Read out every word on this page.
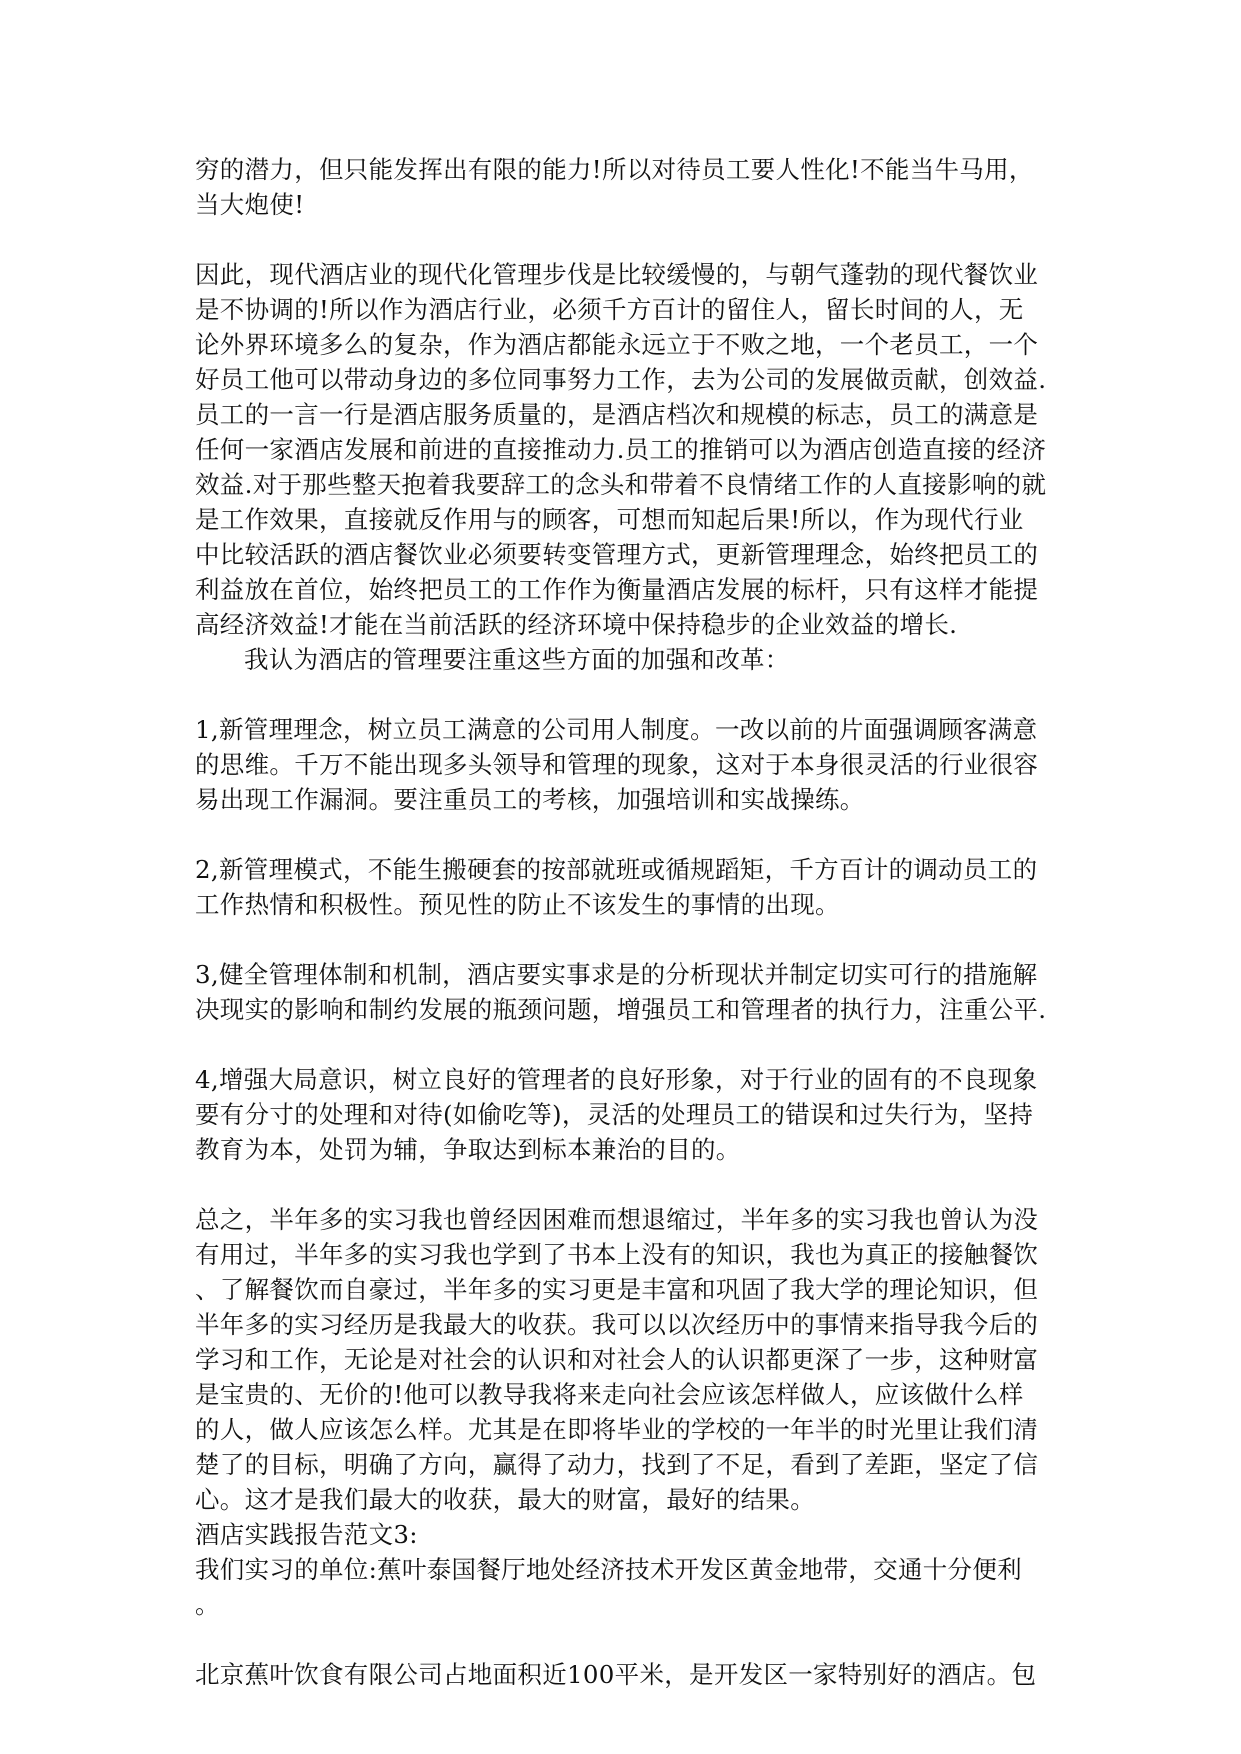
穷的潜力，但只能发挥出有限的能力!所以对待员工要人性化!不能当牛马用，
当大炮使!

因此，现代酒店业的现代化管理步伐是比较缓慢的，与朝气蓬勃的现代餐饮业
是不协调的!所以作为酒店行业，必须千方百计的留住人，留长时间的人，无
论外界环境多么的复杂，作为酒店都能永远立于不败之地，一个老员工，一个
好员工他可以带动身边的多位同事努力工作，去为公司的发展做贡献，创效益.
员工的一言一行是酒店服务质量的，是酒店档次和规模的标志，员工的满意是
任何一家酒店发展和前进的直接推动力.员工的推销可以为酒店创造直接的经济
效益.对于那些整天抱着我要辞工的念头和带着不良情绪工作的人直接影响的就
是工作效果，直接就反作用与的顾客，可想而知起后果!所以，作为现代行业
中比较活跃的酒店餐饮业必须要转变管理方式，更新管理理念，始终把员工的
利益放在首位，始终把员工的工作作为衡量酒店发展的标杆，只有这样才能提
高经济效益!才能在当前活跃的经济环境中保持稳步的企业效益的增长.

我认为酒店的管理要注重这些方面的加强和改革：

1,新管理理念，树立员工满意的公司用人制度。一改以前的片面强调顾客满意
的思维。千万不能出现多头领导和管理的现象，这对于本身很灵活的行业很容
易出现工作漏洞。要注重员工的考核，加强培训和实战操练。

2,新管理模式，不能生搬硬套的按部就班或循规蹈矩，千方百计的调动员工的
工作热情和积极性。预见性的防止不该发生的事情的出现。

3,健全管理体制和机制，酒店要实事求是的分析现状并制定切实可行的措施解
决现实的影响和制约发展的瓶颈问题，增强员工和管理者的执行力，注重公平.

4,增强大局意识，树立良好的管理者的良好形象，对于行业的固有的不良现象
要有分寸的处理和对待(如偷吃等)，灵活的处理员工的错误和过失行为，坚持
教育为本，处罚为辅，争取达到标本兼治的目的。

总之，半年多的实习我也曾经因困难而想退缩过，半年多的实习我也曾认为没
有用过，半年多的实习我也学到了书本上没有的知识，我也为真正的接触餐饮
、了解餐饮而自豪过，半年多的实习更是丰富和巩固了我大学的理论知识，但
半年多的实习经历是我最大的收获。我可以以次经历中的事情来指导我今后的
学习和工作，无论是对社会的认识和对社会人的认识都更深了一步，这种财富
是宝贵的、无价的!他可以教导我将来走向社会应该怎样做人，应该做什么样
的人，做人应该怎么样。尤其是在即将毕业的学校的一年半的时光里让我们清
楚了的目标，明确了方向，赢得了动力，找到了不足，看到了差距，坚定了信
心。这才是我们最大的收获，最大的财富，最好的结果。

酒店实践报告范文3:

我们实习的单位:蕉叶泰国餐厅地处经济技术开发区黄金地带，交通十分便利
。

北京蕉叶饮食有限公司占地面积近100平米，是开发区一家特别好的酒店。包
